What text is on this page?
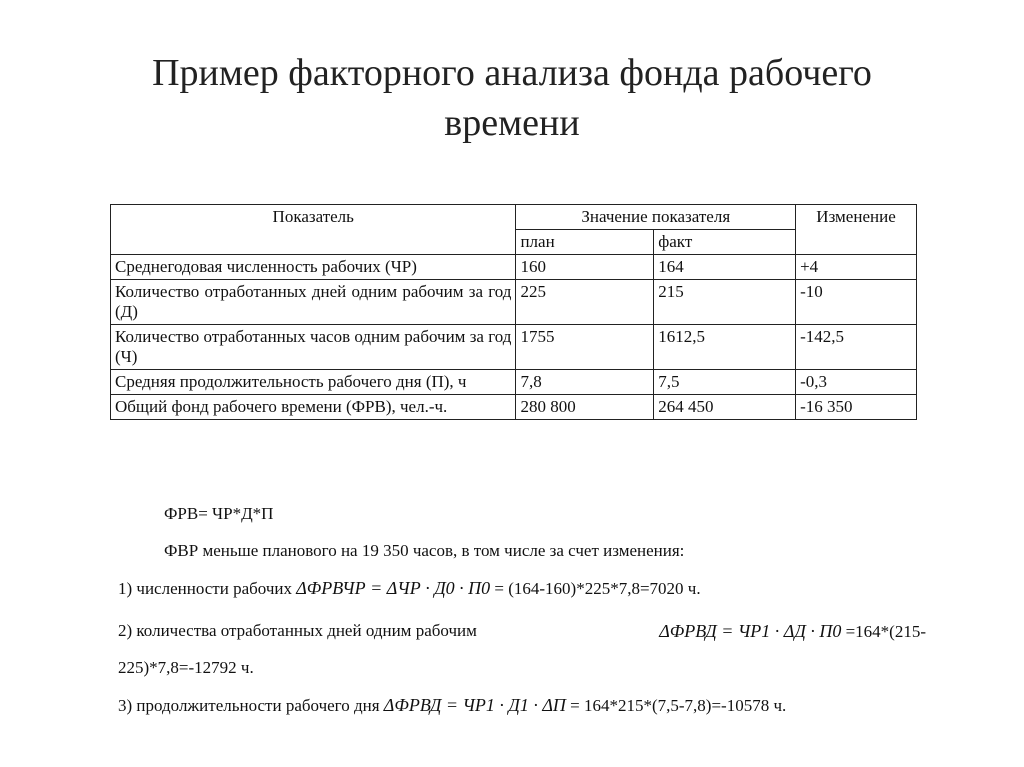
Пример факторного анализа фонда рабочего
времени
Показатель	Значение показателя		Изменение
	план	факт	
Среднегодовая численность рабочих (ЧР)	160	164	+4
Количество отработанных дней одним рабочим за год (Д)	225	215	-10
Количество отработанных часов одним рабочим за год (Ч)	1755	1612,5	-142,5
Средняя продолжительность рабочего дня (П), ч	7,8	7,5	-0,3
Общий фонд рабочего времени (ФРВ), чел.-ч.	280 800	264 450	-16 350
ФРВ= ЧР*Д*П
ФВР меньше планового на 19 350 часов, в том числе за счет изменения:
1) численности рабочих ΔФРВЧР = ΔЧР · Д0 · П0 = (164-160)*225*7,8=7020 ч.
2) количества отработанных дней одним рабочим	ΔФРВД = ЧР1 · ΔД · П0 =164*(215-
225)*7,8=-12792 ч.
3) продолжительности рабочего дня ΔФРВД = ЧР1 · Д1 · ΔП = 164*215*(7,5-7,8)=-10578 ч.
